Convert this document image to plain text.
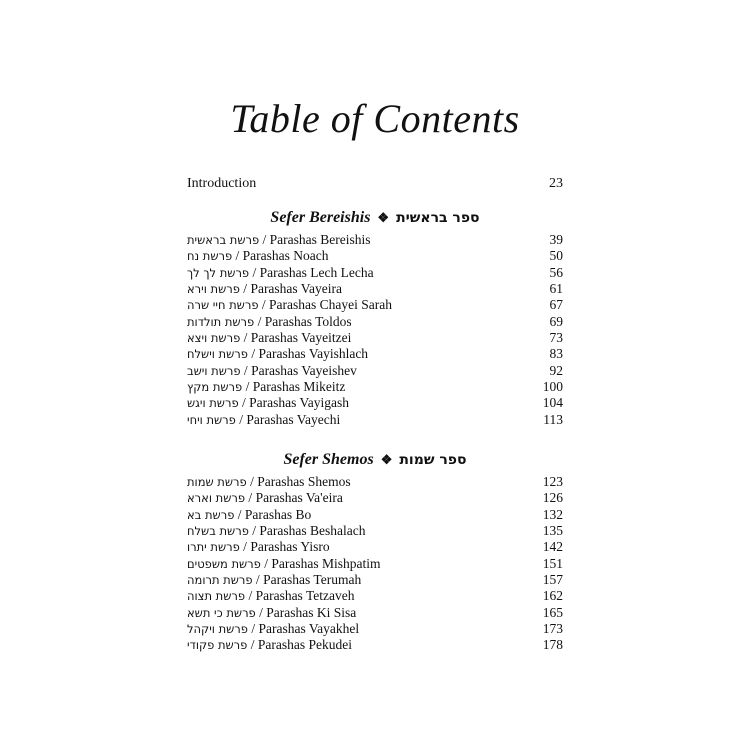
Table of Contents
Introduction	23
Sefer Bereishis ❖ ספר בראשית
פרשת בראשית / Parashas Bereishis	39
פרשת נח / Parashas Noach	50
פרשת לך לך / Parashas Lech Lecha	56
פרשת וירא / Parashas Vayeira	61
פרשת חיי שרה / Parashas Chayei Sarah	67
פרשת תולדות / Parashas Toldos	69
פרשת ויצא / Parashas Vayeitzei	73
פרשת וישלח / Parashas Vayishlach	83
פרשת וישב / Parashas Vayeishev	92
פרשת מקץ / Parashas Mikeitz	100
פרשת ויגש / Parashas Vayigash	104
פרשת ויחי / Parashas Vayechi	113
Sefer Shemos ❖ ספר שמות
פרשת שמות / Parashas Shemos	123
פרשת וארא / Parashas Va'eira	126
פרשת בא / Parashas Bo	132
פרשת בשלח / Parashas Beshalach	135
פרשת יתרו / Parashas Yisro	142
פרשת משפטים / Parashas Mishpatim	151
פרשת תרומה / Parashas Terumah	157
פרשת תצוה / Parashas Tetzaveh	162
פרשת כי תשא / Parashas Ki Sisa	165
פרשת ויקהל / Parashas Vayakhel	173
פרשת פקודי / Parashas Pekudei	178
